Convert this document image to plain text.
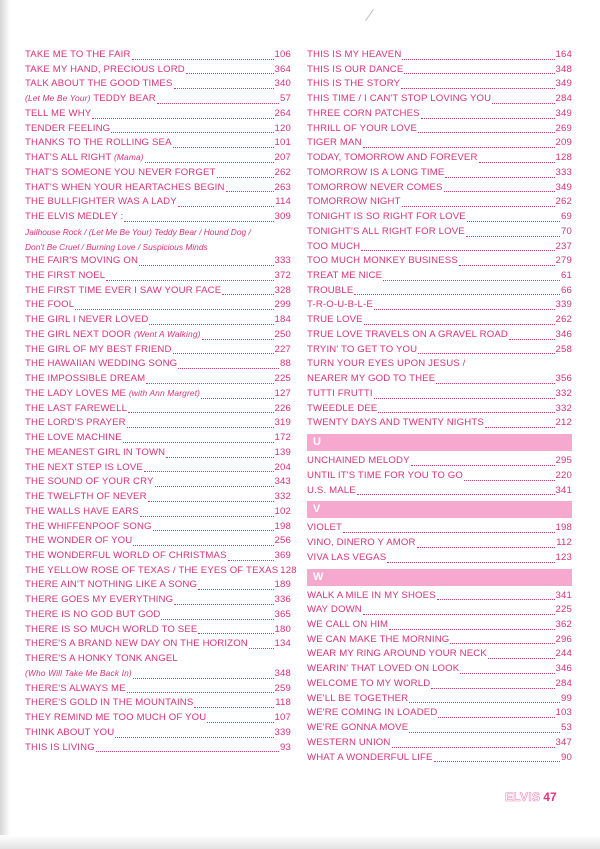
TAKE ME TO THE FAIR	106
TAKE MY HAND, PRECIOUS LORD	364
TALK ABOUT THE GOOD TIMES	340
(Let Me Be Your) TEDDY BEAR	57
TELL ME WHY	264
TENDER FEELING	120
THANKS TO THE ROLLING SEA	101
THAT'S ALL RIGHT (Mama)	207
THAT'S SOMEONE YOU NEVER FORGET	262
THAT'S WHEN YOUR HEARTACHES BEGIN	263
THE BULLFIGHTER WAS A LADY	114
THE ELVIS MEDLEY :	309
Jailhouse Rock / (Let Me Be Your) Teddy Bear / Hound Dog /
Don't Be Cruel / Burning Love / Suspicious Minds
THE FAIR'S MOVING ON	333
THE FIRST NOEL	372
THE FIRST TIME EVER I SAW YOUR FACE	328
THE FOOL	299
THE GIRL I NEVER LOVED	184
THE GIRL NEXT DOOR (Went A Walking)	250
THE GIRL OF MY BEST FRIEND	227
THE HAWAIIAN WEDDING SONG	88
THE IMPOSSIBLE DREAM	225
THE LADY LOVES ME (with Ann Margret)	127
THE LAST FAREWELL	226
THE LORD'S PRAYER	319
THE LOVE MACHINE	172
THE MEANEST GIRL IN TOWN	139
THE NEXT STEP IS LOVE	204
THE SOUND OF YOUR CRY	343
THE TWELFTH OF NEVER	332
THE WALLS HAVE EARS	102
THE WHIFFENPOOF SONG	198
THE WONDER OF YOU	256
THE WONDERFUL WORLD OF CHRISTMAS	369
THE YELLOW ROSE OF TEXAS / THE EYES OF TEXAS 128
THERE AIN'T NOTHING LIKE A SONG	189
THERE GOES MY EVERYTHING	336
THERE IS NO GOD BUT GOD	365
THERE IS SO MUCH WORLD TO SEE	180
THERE'S A BRAND NEW DAY ON THE HORIZON	134
THERE'S A HONKY TONK ANGEL
(Who Will Take Me Back In)	348
THERE'S ALWAYS ME	259
THERE'S GOLD IN THE MOUNTAINS	118
THEY REMIND ME TOO MUCH OF YOU	107
THINK ABOUT YOU	339
THIS IS LIVING	93
THIS IS MY HEAVEN	164
THIS IS OUR DANCE	348
THIS IS THE STORY	349
THIS TIME / I CAN'T STOP LOVING YOU	284
THREE CORN PATCHES	349
THRILL OF YOUR LOVE	269
TIGER MAN	209
TODAY, TOMORROW AND FOREVER	128
TOMORROW IS A LONG TIME	333
TOMORROW NEVER COMES	349
TOMORROW NIGHT	262
TONIGHT IS SO RIGHT FOR LOVE	69
TONIGHT'S ALL RIGHT FOR LOVE	70
TOO MUCH	237
TOO MUCH MONKEY BUSINESS	279
TREAT ME NICE	61
TROUBLE	66
T-R-O-U-B-L-E	339
TRUE LOVE	262
TRUE LOVE TRAVELS ON A GRAVEL ROAD	346
TRYIN' TO GET TO YOU	258
TURN YOUR EYES UPON JESUS /
NEARER MY GOD TO THEE	356
TUTTI FRUTTI	332
TWEEDLE DEE	332
TWENTY DAYS AND TWENTY NIGHTS	212
U
UNCHAINED MELODY	295
UNTIL IT'S TIME FOR YOU TO GO	220
U.S. MALE	341
V
VIOLET	198
VINO, DINERO Y AMOR	112
VIVA LAS VEGAS	123
W
WALK A MILE IN MY SHOES	341
WAY DOWN	225
WE CALL ON HIM	362
WE CAN MAKE THE MORNING	296
WEAR MY RING AROUND YOUR NECK	244
WEARIN' THAT LOVED ON LOOK	346
WELCOME TO MY WORLD	284
WE'LL BE TOGETHER	99
WE'RE COMING IN LOADED	103
WE'RE GONNA MOVE	53
WESTERN UNION	347
WHAT A WONDERFUL LIFE	90
ELVIS 47
